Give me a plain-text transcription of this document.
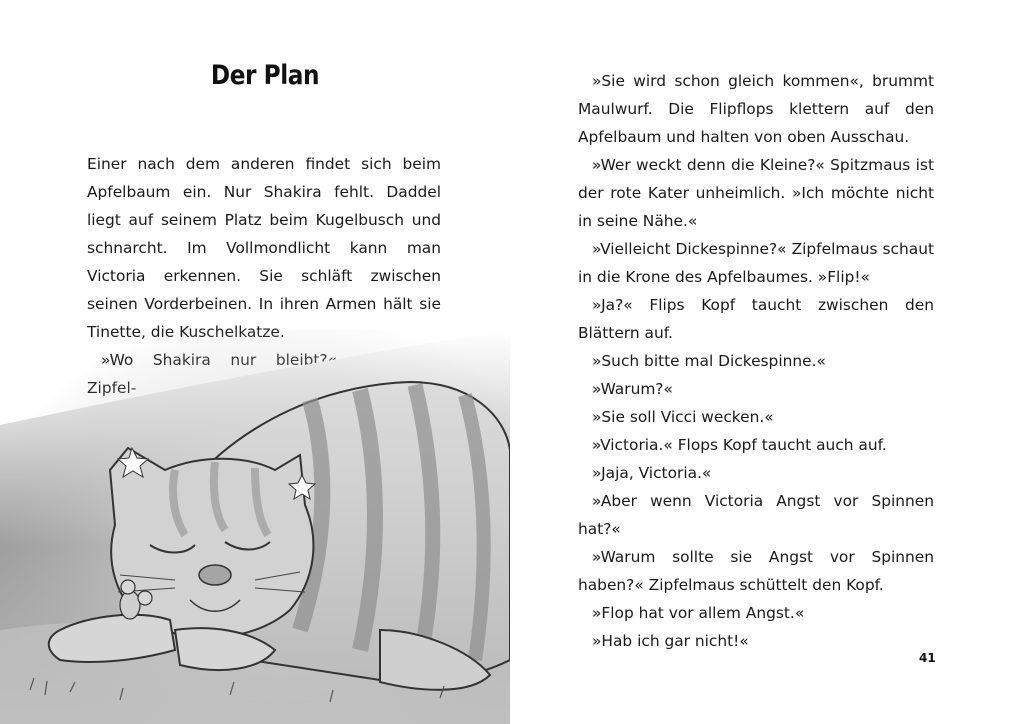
Der Plan
Einer nach dem anderen findet sich beim Apfelbaum ein. Nur Shakira fehlt. Daddel liegt auf seinem Platz beim Kugelbusch und schnarcht. Im Vollmondlicht kann man Victoria erkennen. Sie schläft zwischen seinen Vorderbeinen. In ihren Armen hält sie

»Sie wird schon gleich kommen«, brummt Maulwurf. Die Flipflops klettern auf den Apfelbaum und halten von oben Ausschau.

»Wer weckt denn die Kleine?« Spitzmaus ist der rote Kater unheimlich. »Ich möchte nicht in seine Nähe.«

»Vielleicht Dickespinne?« Zipfelmaus schaut in die Krone des Apfelbaumes. »Flip!«

»Ja?« Flips Kopf taucht zwischen den Blättern auf.

»Such bitte mal Dickespinne.«

»Warum?«

»Sie soll Vicci wecken.«

»Victoria.« Flops Kopf taucht auch auf.

»Jaja, Victoria.«

»Aber wenn Victoria Angst vor Spinnen hat?«

»Warum sollte sie Angst vor Spinnen haben?« Zipfelmaus schüttelt den Kopf.

»Flop hat vor allem Angst.«

»Hab ich gar nicht!«

41
